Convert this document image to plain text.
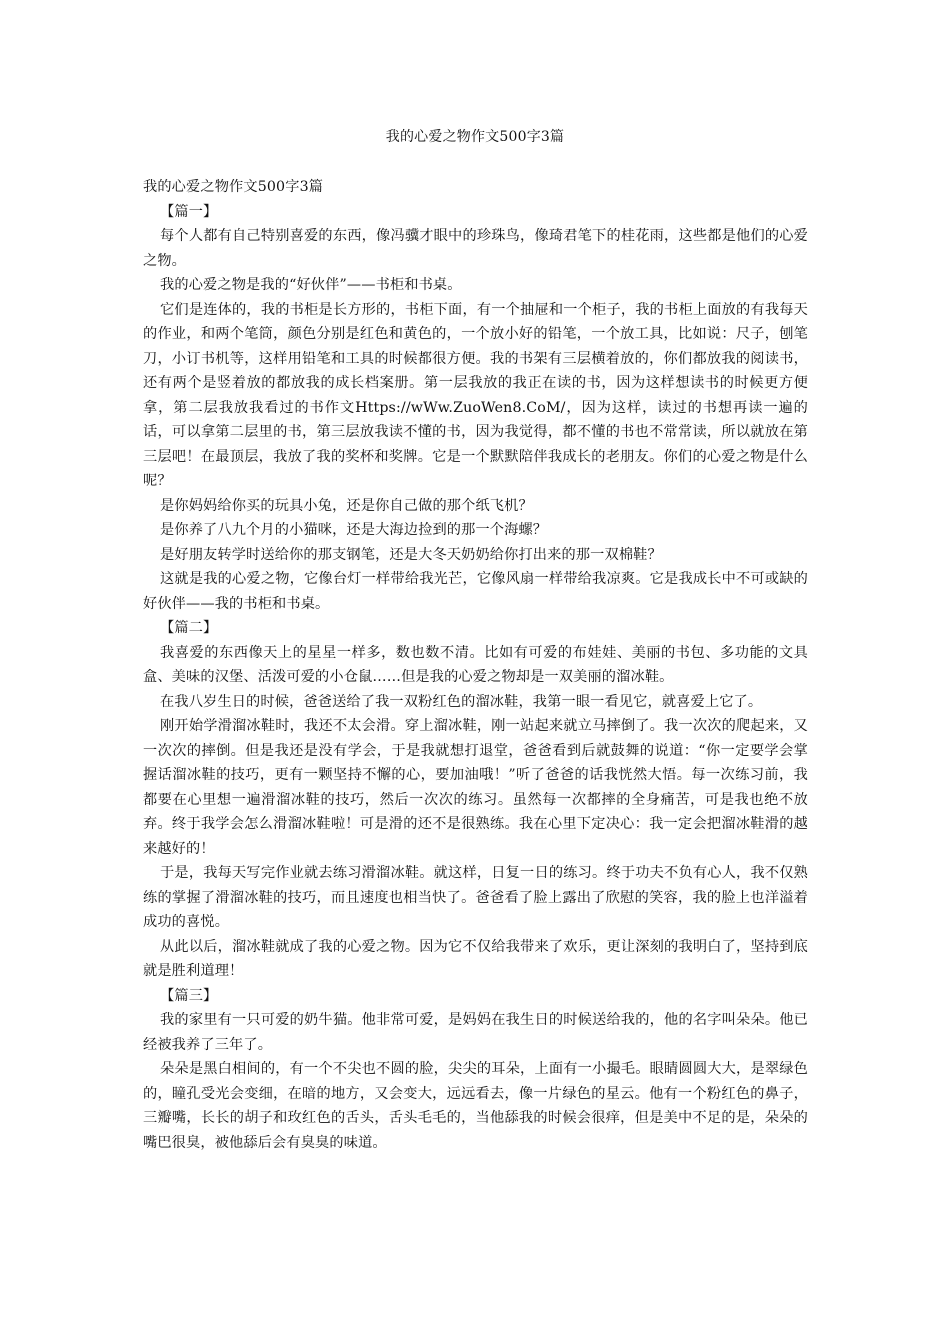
我的心爱之物作文500字3篇

我的心爱之物作文500字3篇

【篇一】

每个人都有自己特别喜爱的东西，像冯骥才眼中的珍珠鸟，像琦君笔下的桂花雨，这些都是他们的心爱之物。

我的心爱之物是我的“好伙伴”——书柜和书桌。

它们是连体的，我的书柜是长方形的，书柜下面，有一个抽屉和一个柜子，我的书柜上面放的有我每天的作业，和两个笔筒，颜色分别是红色和黄色的，一个放小好的铅笔，一个放工具，比如说：尺子，刨笔刀，小订书机等，这样用铅笔和工具的时候都很方便。我的书架有三层横着放的，你们都放我的阅读书，还有两个是竖着放的都放我的成长档案册。第一层我放的我正在读的书，因为这样想读书的时候更方便拿，第二层我放我看过的书作文Https://wWw.ZuoWen8.CoM/，因为这样，读过的书想再读一遍的话，可以拿第二层里的书，第三层放我读不懂的书，因为我觉得，都不懂的书也不常常读，所以就放在第三层吧！在最顶层，我放了我的奖杯和奖牌。它是一个默默陪伴我成长的老朋友。你们的心爱之物是什么呢？

是你妈妈给你买的玩具小兔，还是你自己做的那个纸飞机？

是你养了八九个月的小猫咪，还是大海边捡到的那一个海螺？

是好朋友转学时送给你的那支钢笔，还是大冬天奶奶给你打出来的那一双棉鞋？

这就是我的心爱之物，它像台灯一样带给我光芒，它像风扇一样带给我凉爽。它是我成长中不可或缺的好伙伴——我的书柜和书桌。

【篇二】

我喜爱的东西像天上的星星一样多，数也数不清。比如有可爱的布娃娃、美丽的书包、多功能的文具盒、美味的汉堡、活泼可爱的小仓鼠……但是我的心爱之物却是一双美丽的溜冰鞋。

在我八岁生日的时候，爸爸送给了我一双粉红色的溜冰鞋，我第一眼一看见它，就喜爱上它了。

刚开始学滑溜冰鞋时，我还不太会滑。穿上溜冰鞋，刚一站起来就立马摔倒了。我一次次的爬起来，又一次次的摔倒。但是我还是没有学会，于是我就想打退堂，爸爸看到后就鼓舞的说道：“你一定要学会掌握话溜冰鞋的技巧，更有一颗坚持不懈的心，要加油哦！”听了爸爸的话我恍然大悟。每一次练习前，我都要在心里想一遍滑溜冰鞋的技巧，然后一次次的练习。虽然每一次都摔的全身痛苦，可是我也绝不放弃。终于我学会怎么滑溜冰鞋啦！可是滑的还不是很熟练。我在心里下定决心：我一定会把溜冰鞋滑的越来越好的！

于是，我每天写完作业就去练习滑溜冰鞋。就这样，日复一日的练习。终于功夫不负有心人，我不仅熟练的掌握了滑溜冰鞋的技巧，而且速度也相当快了。爸爸看了脸上露出了欣慰的笑容，我的脸上也洋溢着成功的喜悦。

从此以后，溜冰鞋就成了我的心爱之物。因为它不仅给我带来了欢乐，更让深刻的我明白了，坚持到底就是胜利道理！

【篇三】

我的家里有一只可爱的奶牛猫。他非常可爱，是妈妈在我生日的时候送给我的，他的名字叫朵朵。他已经被我养了三年了。

朵朵是黑白相间的，有一个不尖也不圆的脸，尖尖的耳朵，上面有一小撮毛。眼睛圆圆大大，是翠绿色的，瞳孔受光会变细，在暗的地方，又会变大，远远看去，像一片绿色的星云。他有一个粉红色的鼻子，三瓣嘴，长长的胡子和玫红色的舌头，舌头毛毛的，当他舔我的时候会很痒，但是美中不足的是，朵朵的嘴巴很臭，被他舔后会有臭臭的味道。
